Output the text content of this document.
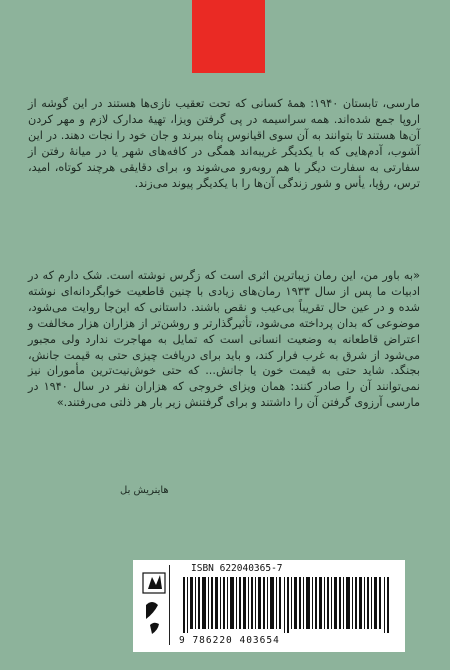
مارسی، تابستان ۱۹۴۰: همهٔ کسانی که تحت تعقیب نازی‌ها هستند در این گوشه از اروپا جمع شده‌اند. همه سراسیمه در پی گرفتن ویزا، تهیهٔ مدارک لازم و مهر کردن آن‌ها هستند تا بتوانند به آن سوی اقیانوس پناه ببرند و جان خود را نجات دهند. در این آشوب، آدم‌هایی که با یکدیگر غریبه‌اند همگی در کافه‌های شهر یا در میانهٔ رفتن از سفارتی به سفارت دیگر با هم روبه‌رو می‌شوند و، برای دقایقی هرچند کوتاه، امید، ترس، رؤیا، یأس و شور زندگی آن‌ها را با یکدیگر پیوند می‌زند.
«به باور من، این رمان زیباترین اثری است که زگرس نوشته است. شک دارم که در ادبیات ما پس از سال ۱۹۳۳ رمان‌های زیادی با چنین قاطعیت خوابگردانه‌ای نوشته شده و در عین حال تقریباً بی‌عیب و نقص باشند. داستانی که این‌جا روایت می‌شود، موضوعی که بدان پرداخته می‌شود، تأثیرگذارتر و روشن‌تر از هزاران هزار مخالفت و اعتراض قاطعانه به وضعیت انسانی است که تمایل به مهاجرت ندارد ولی مجبور می‌شود از شرق به غرب فرار کند، و باید برای دریافت چیزی حتی به قیمت جانش، بجنگد. شاید حتی به قیمت خون یا جانش... که حتی خوش‌نیت‌ترین مأموران نیز نمی‌توانند آن را صادر کنند: همان ویزای خروجی که هزاران نفر در سال ۱۹۴۰ در مارسی آرزوی گرفتن آن را داشتند و برای گرفتنش زیر بار هر ذلتی می‌رفتند.»
هاینریش بل
ISBN 622040365-7
9 786220 403654
